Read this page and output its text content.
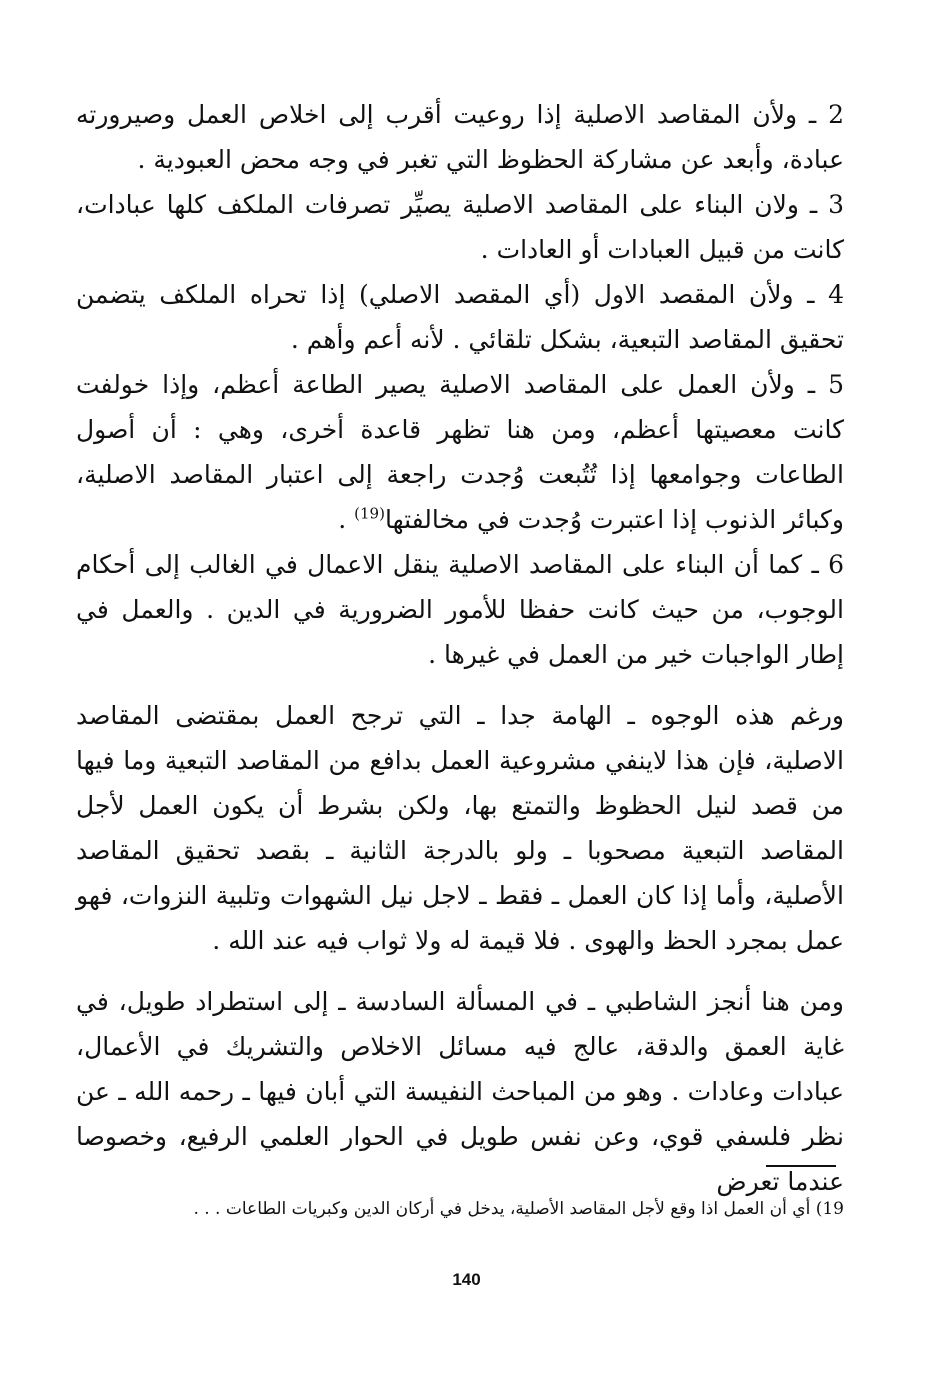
2 ـ ولأن المقاصد الاصلية إذا روعيت أقرب إلى اخلاص العمل وصيرورته عبادة، وأبعد عن مشاركة الحظوظ التي تغبر في وجه محض العبودية .

3 ـ ولان البناء على المقاصد الاصلية يصيِّر تصرفات الملكف كلها عبادات، كانت من قبيل العبادات أو العادات .

4 ـ ولأن المقصد الاول (أي المقصد الاصلي) إذا تحراه الملكف يتضمن تحقيق المقاصد التبعية، بشكل تلقائي . لأنه أعم وأهم .

5 ـ ولأن العمل على المقاصد الاصلية يصير الطاعة أعظم، وإذا خولفت كانت معصيتها أعظم، ومن هنا تظهر قاعدة أخرى، وهي : أن أصول الطاعات وجوامعها إذا تُتُبعت وُجدت راجعة إلى اعتبار المقاصد الاصلية، وكبائر الذنوب إذا اعتبرت وُجدت في مخالفتها$^{(19)}$ .

6 ـ كما أن البناء على المقاصد الاصلية ينقل الاعمال في الغالب إلى أحكام الوجوب، من حيث كانت حفظا للأمور الضرورية في الدين . والعمل في إطار الواجبات خير من العمل في غيرها .

ورغم هذه الوجوه ـ الهامة جدا ـ التي ترجح العمل بمقتضى المقاصد الاصلية، فإن هذا لاينفي مشروعية العمل بدافع من المقاصد التبعية وما فيها من قصد لنيل الحظوظ والتمتع بها، ولكن بشرط أن يكون العمل لأجل المقاصد التبعية مصحوبا ـ ولو بالدرجة الثانية ـ بقصد تحقيق المقاصد الأصلية، وأما إذا كان العمل ـ فقط ـ لاجل نيل الشهوات وتلبية النزوات، فهو عمل بمجرد الحظ والهوى . فلا قيمة له ولا ثواب فيه عند الله .

ومن هنا أنجز الشاطبي ـ في المسألة السادسة ـ إلى استطراد طويل، في غاية العمق والدقة، عالج فيه مسائل الاخلاص والتشريك في الأعمال، عبادات وعادات . وهو من المباحث النفيسة التي أبان فيها ـ رحمه الله ـ عن نظر فلسفي قوي، وعن نفس طويل في الحوار العلمي الرفيع، وخصوصا عندما تعرض

19) أي أن العمل اذا وقع لأجل المقاصد الأصلية، يدخل في أركان الدين وكبريات الطاعات . . .

140
